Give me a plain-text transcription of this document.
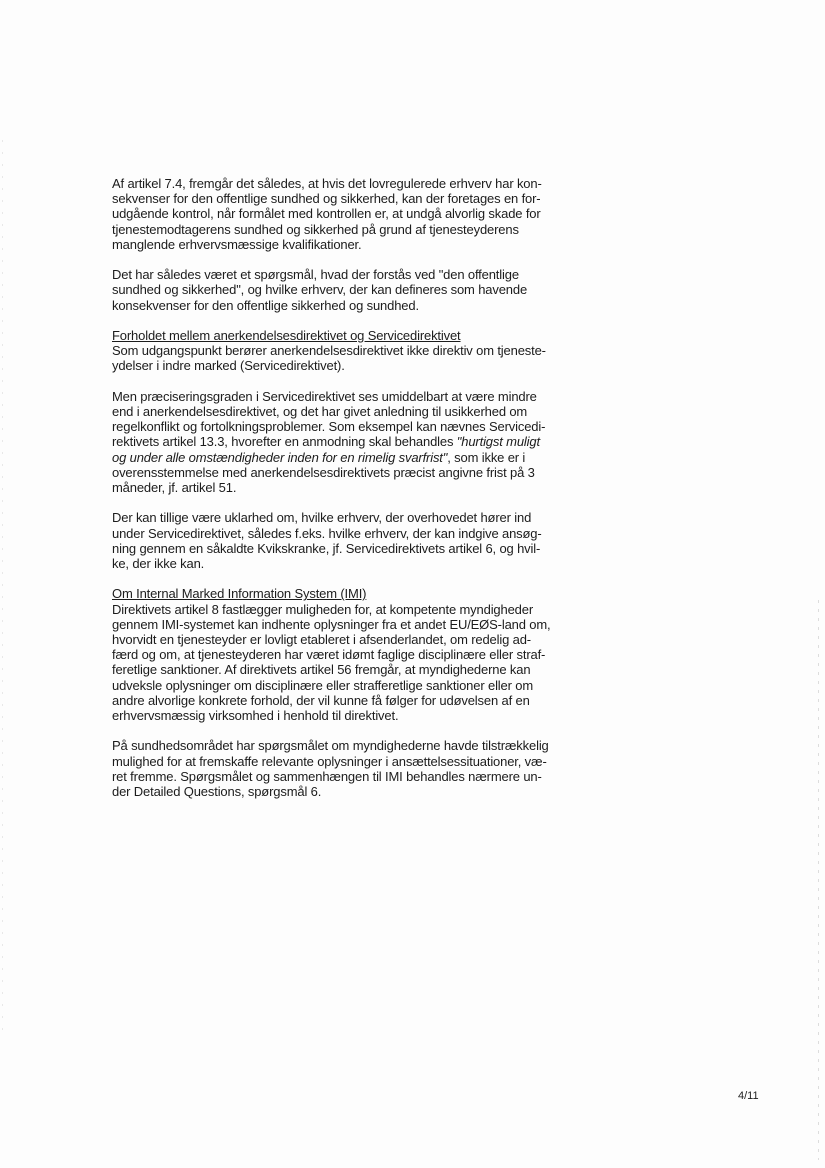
Af artikel 7.4, fremgår det således, at hvis det lovregulerede erhverv har kon-
sekvenser for den offentlige sundhed og sikkerhed, kan der foretages en for-
udgående kontrol, når formålet med kontrollen er, at undgå alvorlig skade for
tjenestemodtagerens sundhed og sikkerhed på grund af tjenesteyderens
manglende erhvervsmæssige kvalifikationer.
Det har således været et spørgsmål, hvad der forstås ved "den offentlige
sundhed og sikkerhed", og hvilke erhverv, der kan defineres som havende
konsekvenser for den offentlige sikkerhed og sundhed.
Forholdet mellem anerkendelsesdirektivet og Servicedirektivet
Som udgangspunkt berører anerkendelsesdirektivet ikke direktiv om tjeneste-
ydelser i indre marked (Servicedirektivet).
Men præciseringsgraden i Servicedirektivet ses umiddelbart at være mindre
end i anerkendelsesdirektivet, og det har givet anledning til usikkerhed om
regelkonflikt og fortolkningsproblemer. Som eksempel kan nævnes Servicedi-
rektivets artikel 13.3, hvorefter en anmodning skal behandles "hurtigst muligt
og under alle omstændigheder inden for en rimelig svarfrist", som ikke er i
overensstemmelse med anerkendelsesdirektivets præcist angivne frist på 3
måneder, jf. artikel 51.
Der kan tillige være uklarhed om, hvilke erhverv, der overhovedet hører ind
under Servicedirektivet, således f.eks. hvilke erhverv, der kan indgive ansøg-
ning gennem en såkaldte Kvikskranke, jf. Servicedirektivets artikel 6, og hvil-
ke, der ikke kan.
Om Internal Marked Information System (IMI)
Direktivets artikel 8 fastlægger muligheden for, at kompetente myndigheder
gennem IMI-systemet kan indhente oplysninger fra et andet EU/EØS-land om,
hvorvidt en tjenesteyder er lovligt etableret i afsenderlandet, om redelig ad-
færd og om, at tjenesteyderen har været idømt faglige disciplinære eller straf-
feretlige sanktioner. Af direktivets artikel 56 fremgår, at myndighederne kan
udveksle oplysninger om disciplinære eller strafferetlige sanktioner eller om
andre alvorlige konkrete forhold, der vil kunne få følger for udøvelsen af en
erhvervsmæssig virksomhed i henhold til direktivet.
På sundhedsområdet har spørgsmålet om myndighederne havde tilstrækkelig
mulighed for at fremskaffe relevante oplysninger i ansættelsessituationer, væ-
ret fremme. Spørgsmålet og sammenhængen til IMI behandles nærmere un-
der Detailed Questions, spørgsmål 6.
4/11
